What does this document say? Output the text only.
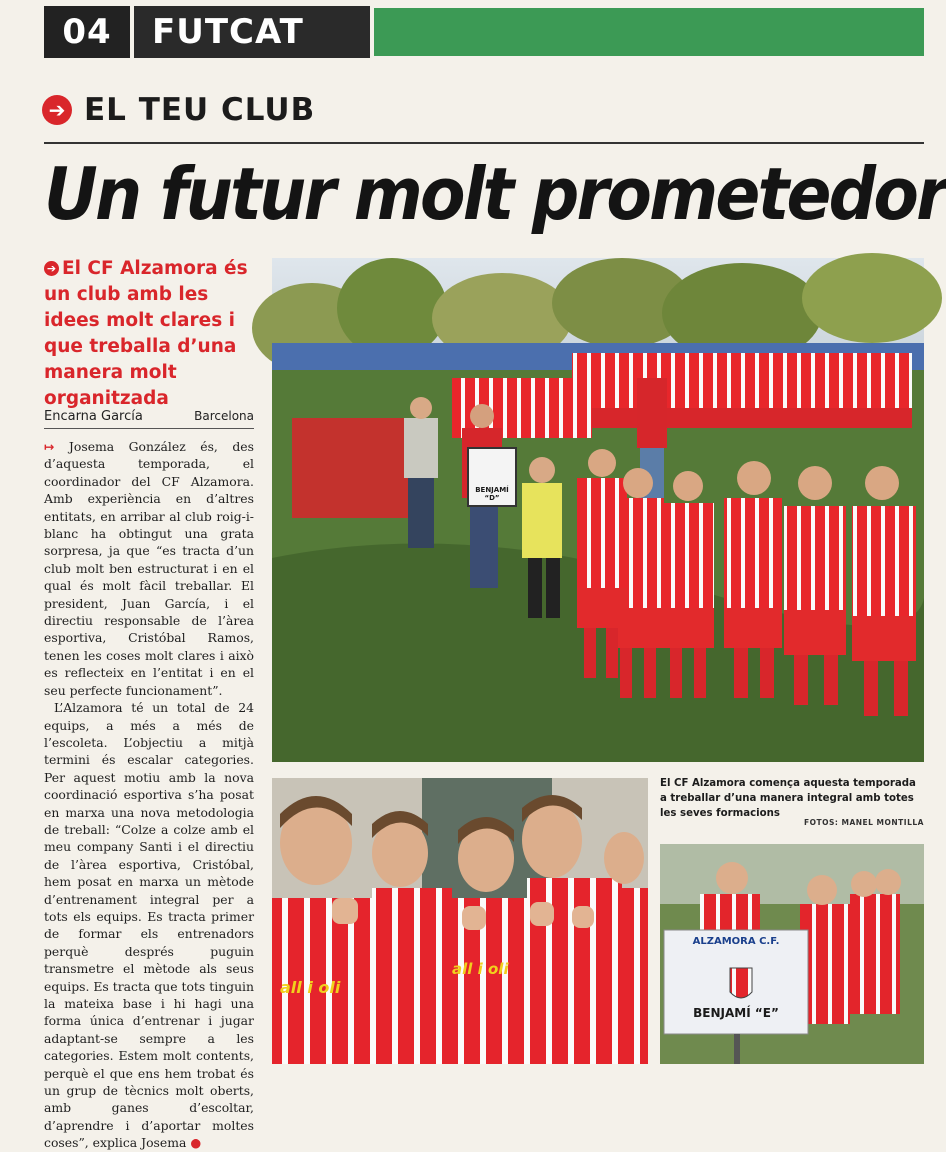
04	FUTCAT
➔ EL TEU CLUB
Un futur molt prometedor
➔ El CF Alzamora és un club amb les idees molt clares i que treballa d’una manera molt organitzada
Encarna García	Barcelona

↦ Josema González és, des d’aquesta temporada, el coordinador del CF Alzamora. Amb experiència en d’altres entitats, en arribar al club roig-i-blanc ha obtingut una grata sorpresa, ja que “es tracta d’un club molt ben estructurat i en el qual és molt fàcil treballar. El president, Juan García, i el directiu responsable de l’àrea esportiva, Cristóbal Ramos, tenen les coses molt clares i això es reflecteix en l’entitat i en el seu perfecte funcionament”.

L’Alzamora té un total de 24 equips, a més a més de l’escoleta. L’objectiu a mitjà termini és escalar categories. Per aquest motiu amb la nova coordinació esportiva s’ha posat en marxa una nova metodologia de treball: “Colze a colze amb el meu company Santi i el directiu de l’àrea esportiva, Cristóbal, hem posat en marxa un mètode d’entrenament integral per a tots els equips. Es tracta primer de formar els entrenadors perquè després puguin transmetre el mètode als seus equips. Es tracta que tots tinguin la mateixa base i hi hagi una forma única d’entrenar i jugar adaptant-se sempre a les categories. Estem molt contents, perquè el que ens hem trobat és un grup de tècnics molt oberts, amb ganes d’escoltar, d’aprendre i d’aportar moltes coses”, explica Josema ●

BENJAMÍ “D”
all i oli
all i oli
El CF Alzamora comença aquesta temporada a treballar d’una manera integral amb totes les seves formacions
FOTOS: MANEL MONTILLA
ALZAMORA C.F.
BENJAMÍ “E”
